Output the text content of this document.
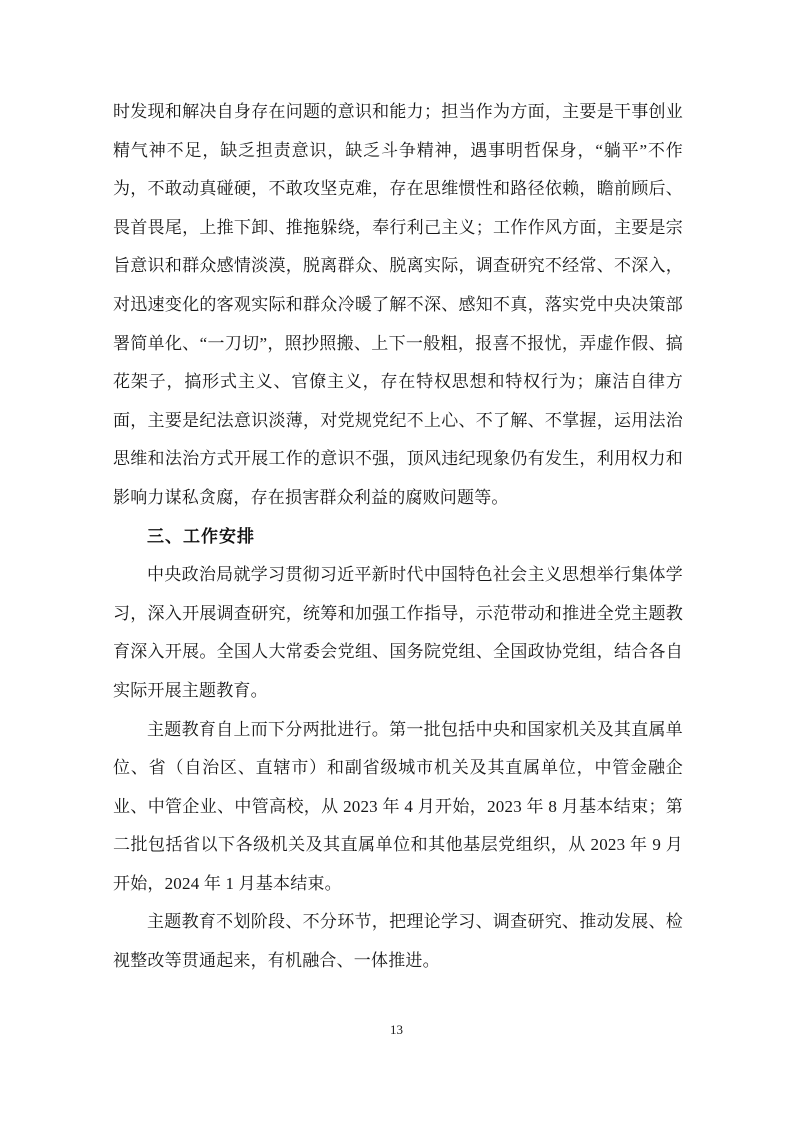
时发现和解决自身存在问题的意识和能力；担当作为方面，主要是干事创业精气神不足，缺乏担责意识，缺乏斗争精神，遇事明哲保身，“躺平”不作为，不敢动真碰硬，不敢攻坚克难，存在思维惯性和路径依赖，瞻前顾后、畏首畏尾，上推下卸、推拖躲绕，奉行利己主义；工作作风方面，主要是宗旨意识和群众感情淡漠，脱离群众、脱离实际，调查研究不经常、不深入，对迅速变化的客观实际和群众冷暖了解不深、感知不真，落实党中央决策部署简单化、“一刀切”，照抄照搬、上下一般粗，报喜不报忧，弄虚作假、搞花架子，搞形式主义、官僚主义，存在特权思想和特权行为；廉洁自律方面，主要是纪法意识淡薄，对党规党纪不上心、不了解、不掌握，运用法治思维和法治方式开展工作的意识不强，顶风违纪现象仍有发生，利用权力和影响力谋私贪腐，存在损害群众利益的腐败问题等。

三、工作安排

中央政治局就学习贯彻习近平新时代中国特色社会主义思想举行集体学习，深入开展调查研究，统筹和加强工作指导，示范带动和推进全党主题教育深入开展。全国人大常委会党组、国务院党组、全国政协党组，结合各自实际开展主题教育。

主题教育自上而下分两批进行。第一批包括中央和国家机关及其直属单位、省（自治区、直辖市）和副省级城市机关及其直属单位，中管金融企业、中管企业、中管高校，从 2023 年 4 月开始，2023 年 8 月基本结束；第二批包括省以下各级机关及其直属单位和其他基层党组织，从 2023 年 9 月开始，2024 年 1 月基本结束。

主题教育不划阶段、不分环节，把理论学习、调查研究、推动发展、检视整改等贯通起来，有机融合、一体推进。

13
